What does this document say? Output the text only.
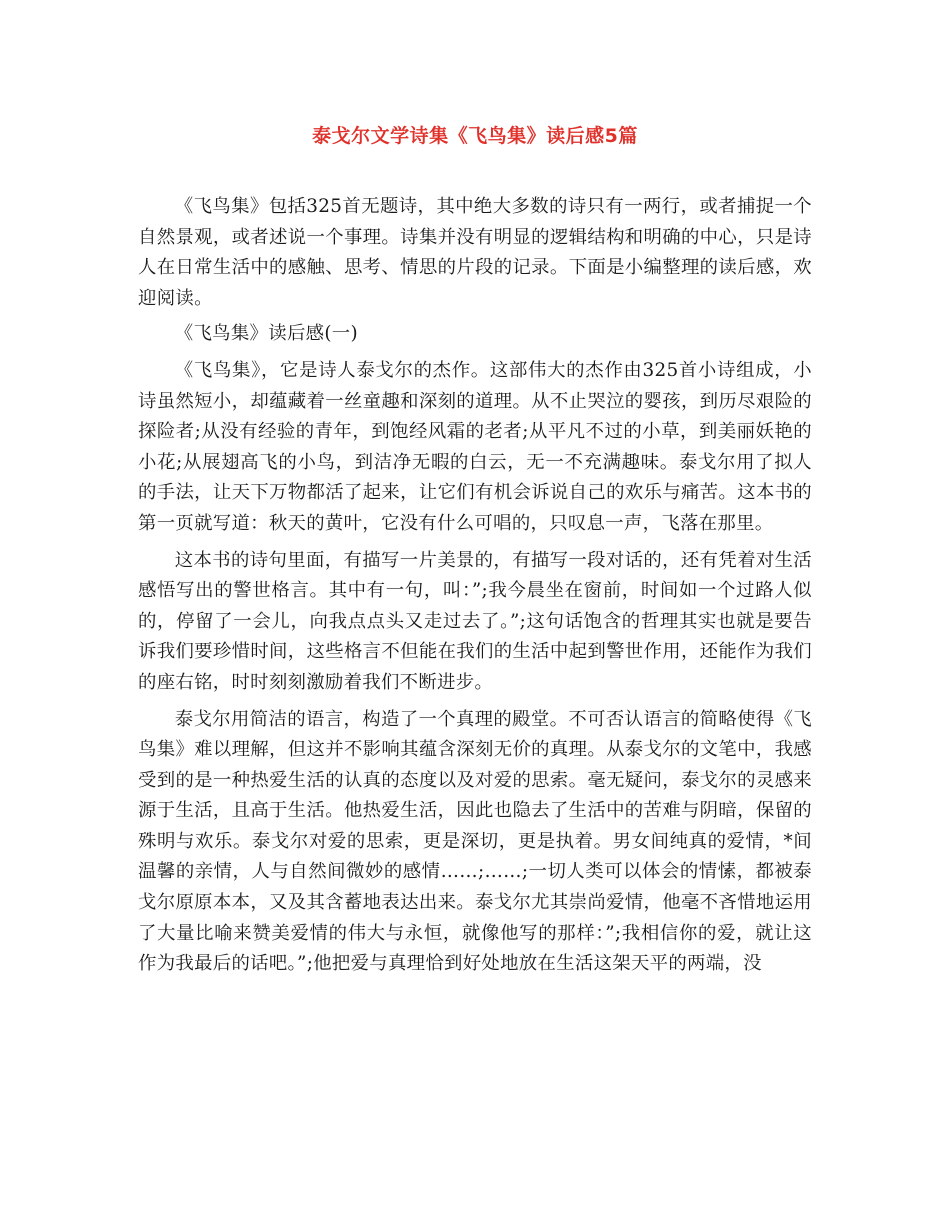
泰戈尔文学诗集《飞鸟集》读后感5篇

《飞鸟集》包括325首无题诗，其中绝大多数的诗只有一两行，或者捕捉一个自然景观，或者述说一个事理。诗集并没有明显的逻辑结构和明确的中心，只是诗人在日常生活中的感触、思考、情思的片段的记录。下面是小编整理的读后感，欢迎阅读。

《飞鸟集》读后感(一)

《飞鸟集》，它是诗人泰戈尔的杰作。这部伟大的杰作由325首小诗组成，小诗虽然短小，却蕴藏着一丝童趣和深刻的道理。从不止哭泣的婴孩，到历尽艰险的探险者;从没有经验的青年，到饱经风霜的老者;从平凡不过的小草，到美丽妖艳的小花;从展翅高飞的小鸟，到洁净无暇的白云，无一不充满趣味。泰戈尔用了拟人的手法，让天下万物都活了起来，让它们有机会诉说自己的欢乐与痛苦。这本书的第一页就写道：秋天的黄叶，它没有什么可唱的，只叹息一声，飞落在那里。

这本书的诗句里面，有描写一片美景的，有描写一段对话的，还有凭着对生活感悟写出的警世格言。其中有一句，叫：”;我今晨坐在窗前，时间如一个过路人似的，停留了一会儿，向我点点头又走过去了。”;这句话饱含的哲理其实也就是要告诉我们要珍惜时间，这些格言不但能在我们的生活中起到警世作用，还能作为我们的座右铭，时时刻刻激励着我们不断进步。

泰戈尔用简洁的语言，构造了一个真理的殿堂。不可否认语言的简略使得《飞鸟集》难以理解，但这并不影响其蕴含深刻无价的真理。从泰戈尔的文笔中，我感受到的是一种热爱生活的认真的态度以及对爱的思索。毫无疑问，泰戈尔的灵感来源于生活，且高于生活。他热爱生活，因此也隐去了生活中的苦难与阴暗，保留的殊明与欢乐。泰戈尔对爱的思索，更是深切，更是执着。男女间纯真的爱情，*间温馨的亲情，人与自然间微妙的感情……;……;一切人类可以体会的情愫，都被泰戈尔原原本本，又及其含蓄地表达出来。泰戈尔尤其崇尚爱情，他毫不吝惜地运用了大量比喻来赞美爱情的伟大与永恒，就像他写的那样：”;我相信你的爱，就让这作为我最后的话吧。”;他把爱与真理恰到好处地放在生活这架天平的两端，没
